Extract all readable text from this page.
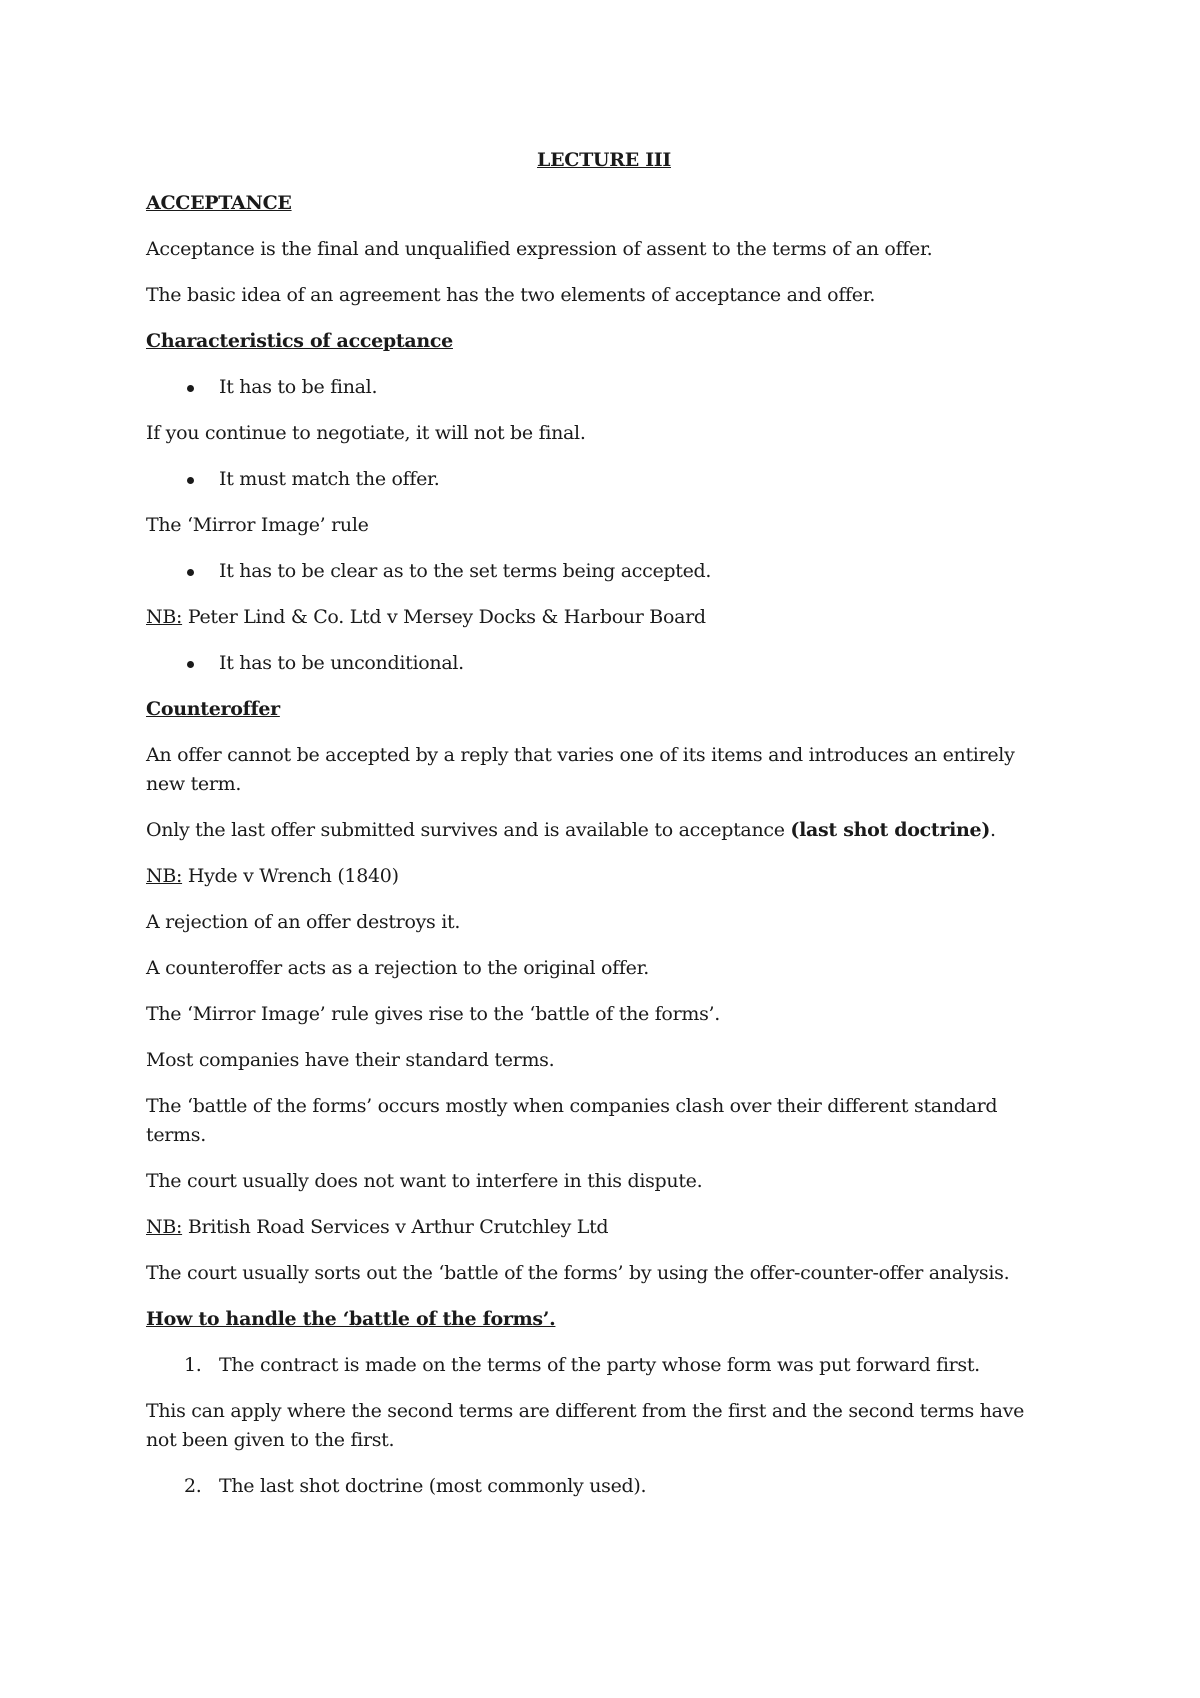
LECTURE III
ACCEPTANCE

Acceptance is the final and unqualified expression of assent to the terms of an offer.

The basic idea of an agreement has the two elements of acceptance and offer.

Characteristics of acceptance
It has to be final.

If you continue to negotiate, it will not be final.

It must match the offer.

The ‘Mirror Image’ rule

It has to be clear as to the set terms being accepted.

NB: Peter Lind & Co. Ltd v Mersey Docks & Harbour Board

It has to be unconditional.
Counteroffer

An offer cannot be accepted by a reply that varies one of its items and introduces an entirely new term.

Only the last offer submitted survives and is available to acceptance (last shot doctrine).

NB: Hyde v Wrench (1840)

A rejection of an offer destroys it.

A counteroffer acts as a rejection to the original offer.

The ‘Mirror Image’ rule gives rise to the ‘battle of the forms’.

Most companies have their standard terms.

The ‘battle of the forms’ occurs mostly when companies clash over their different standard terms.

The court usually does not want to interfere in this dispute.

NB: British Road Services v Arthur Crutchley Ltd

The court usually sorts out the ‘battle of the forms’ by using the offer-counter-offer analysis.

How to handle the ‘battle of the forms’.
1. The contract is made on the terms of the party whose form was put forward first.

This can apply where the second terms are different from the first and the second terms have not been given to the first.

2. The last shot doctrine (most commonly used).
